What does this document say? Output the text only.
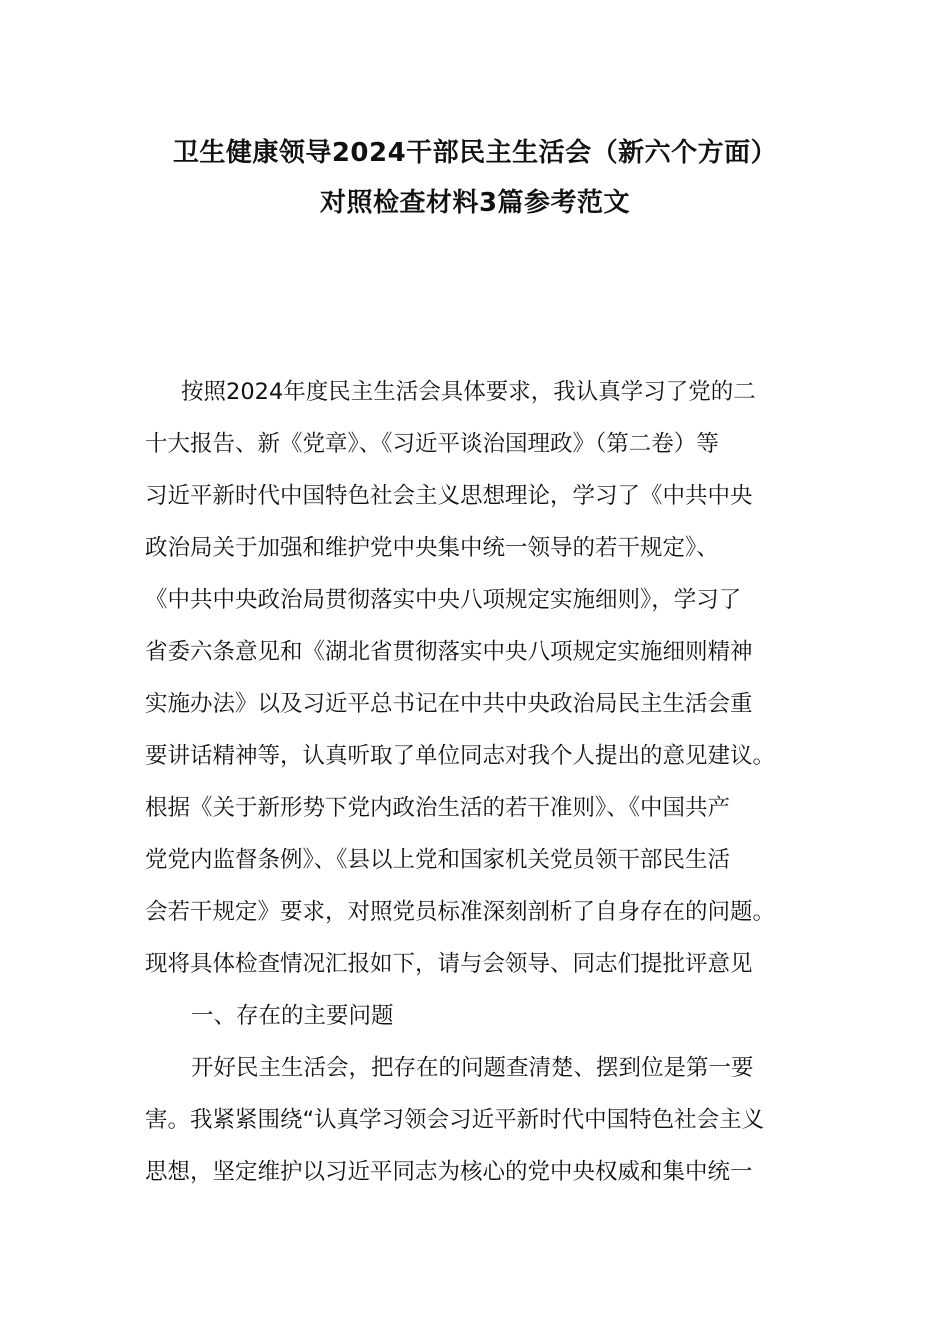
卫生健康领导2024干部民主生活会（新六个方面）
对照检查材料3篇参考范文
按照2024年度民主生活会具体要求，我认真学习了党的二
十大报告、新《党章》、《习近平谈治国理政》（第二卷）等
习近平新时代中国特色社会主义思想理论，学习了《中共中央
政治局关于加强和维护党中央集中统一领导的若干规定》、
《中共中央政治局贯彻落实中央八项规定实施细则》，学习了
省委六条意见和《湖北省贯彻落实中央八项规定实施细则精神
实施办法》以及习近平总书记在中共中央政治局民主生活会重
要讲话精神等，认真听取了单位同志对我个人提出的意见建议。
根据《关于新形势下党内政治生活的若干准则》、《中国共产
党党内监督条例》、《县以上党和国家机关党员领干部民生活
会若干规定》要求，对照党员标准深刻剖析了自身存在的问题。
现将具体检查情况汇报如下，请与会领导、同志们提批评意见
一、存在的主要问题
开好民主生活会，把存在的问题查清楚、摆到位是第一要
害。我紧紧围绕“认真学习领会习近平新时代中国特色社会主义
思想，坚定维护以习近平同志为核心的党中央权威和集中统一
